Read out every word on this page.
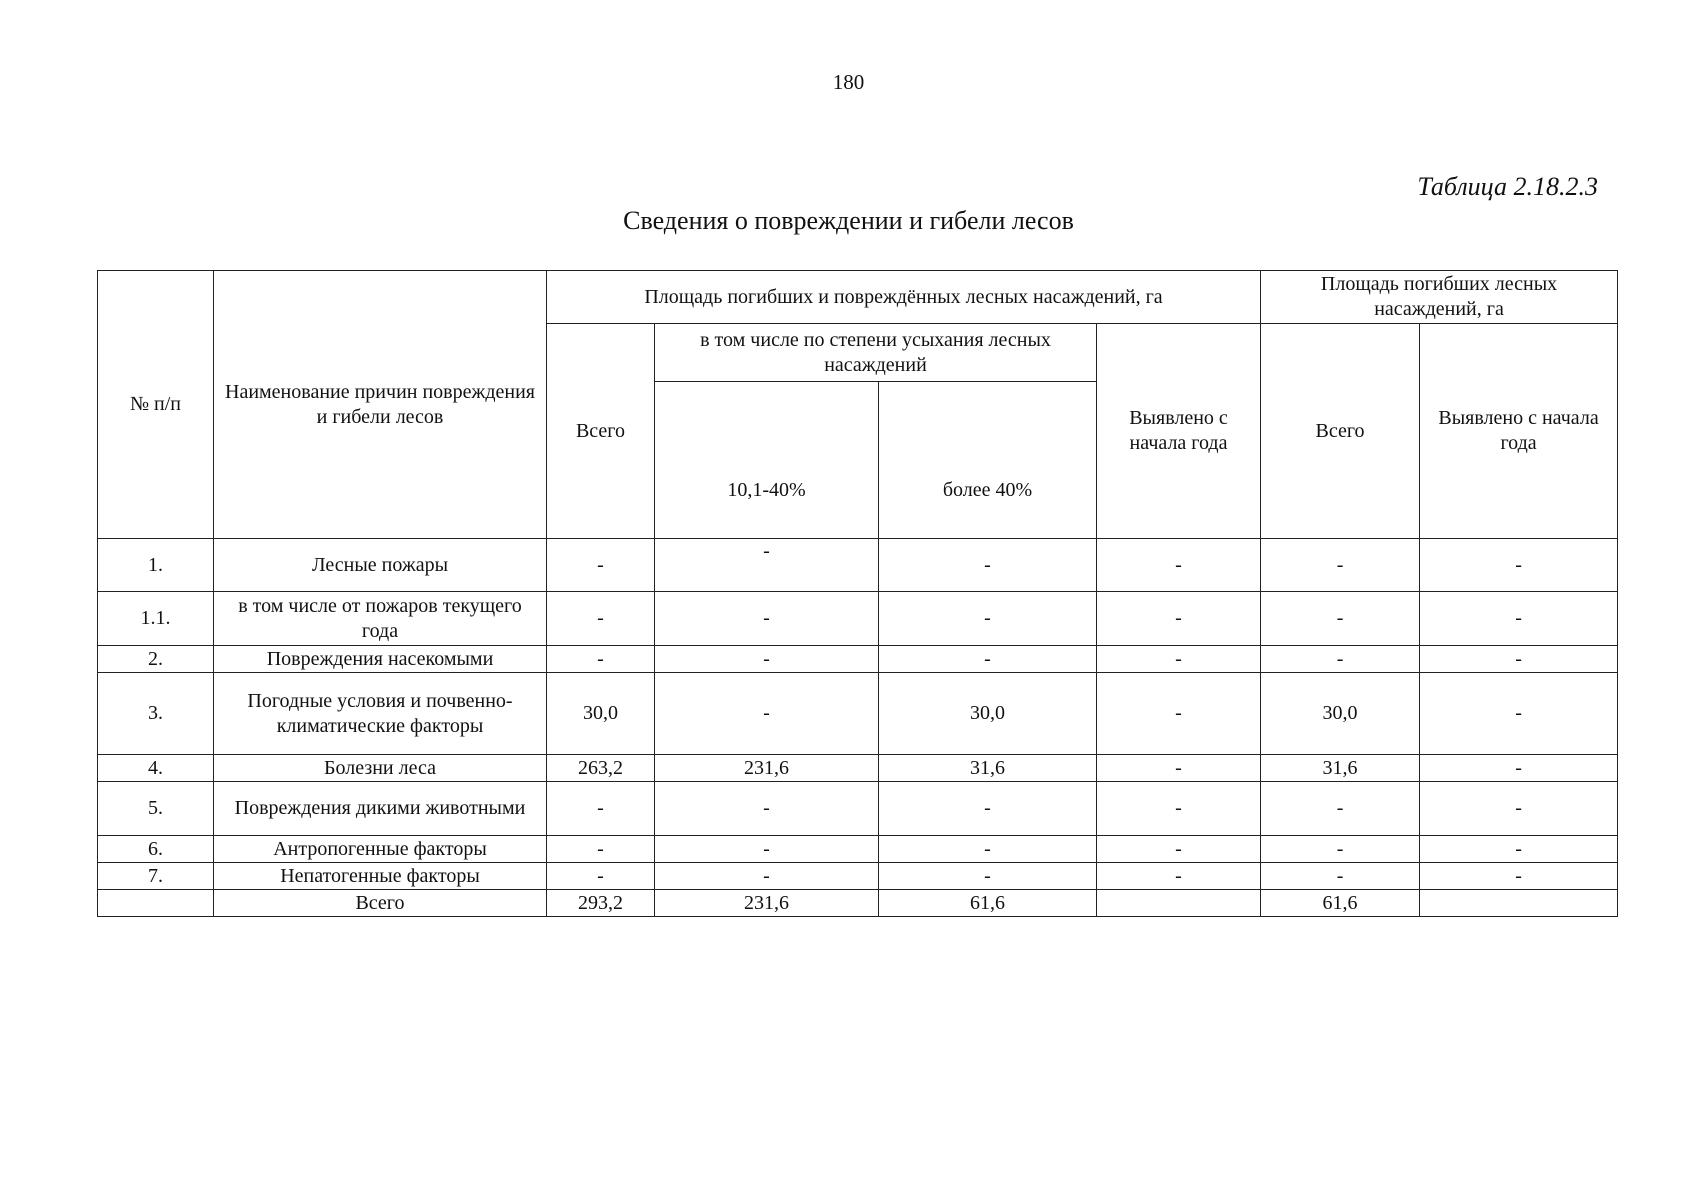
180
Таблица 2.18.2.3
Сведения о повреждении и гибели лесов
№ п/п	Наименование причин повреждения и гибели лесов	Площадь погибших и повреждённых лесных насаждений, га				Площадь погибших лесных насаждений, га	
		Всего	в том числе по степени усыхания лесных насаждений		Выявлено с начала года	Всего	Выявлено с начала года
			10,1-40%	более 40%			
1.	Лесные пожары	-	-	-	-	-	-
1.1.	в том числе от пожаров текущего года	-	-	-	-	-	-
2.	Повреждения насекомыми	-	-	-	-	-	-
3.	Погодные условия и почвенно-климатические факторы	30,0	-	30,0	-	30,0	-
4.	Болезни леса	263,2	231,6	31,6	-	31,6	-
5.	Повреждения дикими животными	-	-	-	-	-	-
6.	Антропогенные факторы	-	-	-	-	-	-
7.	Непатогенные факторы	-	-	-	-	-	-
	Всего	293,2	231,6	61,6		61,6	
